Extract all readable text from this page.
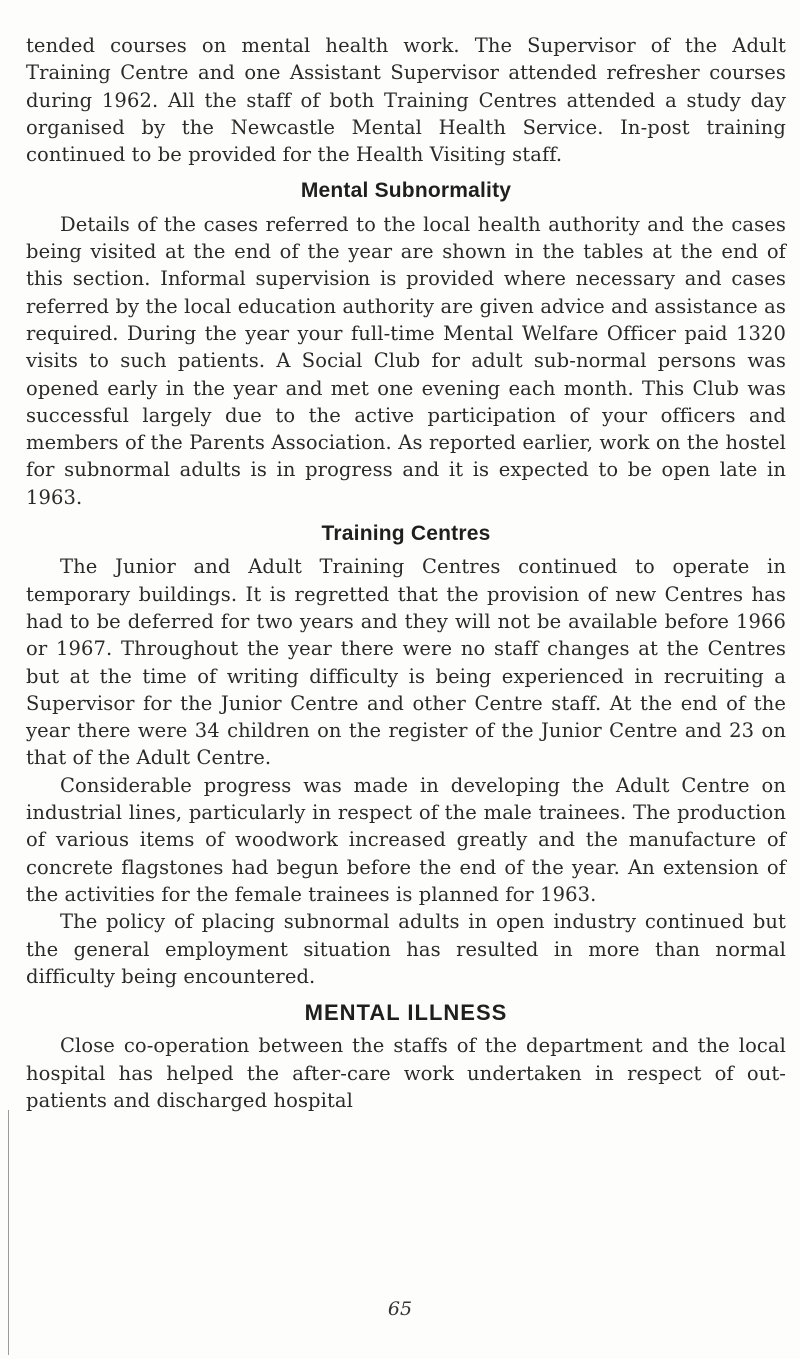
tended courses on mental health work. The Supervisor of the Adult Training Centre and one Assistant Supervisor attended refresher courses during 1962. All the staff of both Training Centres attended a study day organised by the Newcastle Mental Health Service. In-post training continued to be provided for the Health Visiting staff.

Mental Subnormality

Details of the cases referred to the local health authority and the cases being visited at the end of the year are shown in the tables at the end of this section. Informal supervision is provided where necessary and cases referred by the local education authority are given advice and assistance as required. During the year your full-time Mental Welfare Officer paid 1320 visits to such patients. A Social Club for adult sub-normal persons was opened early in the year and met one evening each month. This Club was successful largely due to the active participation of your officers and members of the Parents Association. As reported earlier, work on the hostel for subnormal adults is in progress and it is expected to be open late in 1963.

Training Centres

The Junior and Adult Training Centres continued to operate in temporary buildings. It is regretted that the provision of new Centres has had to be deferred for two years and they will not be available before 1966 or 1967. Throughout the year there were no staff changes at the Centres but at the time of writing difficulty is being experienced in recruiting a Supervisor for the Junior Centre and other Centre staff. At the end of the year there were 34 children on the register of the Junior Centre and 23 on that of the Adult Centre.

Considerable progress was made in developing the Adult Centre on industrial lines, particularly in respect of the male trainees. The production of various items of woodwork increased greatly and the manufacture of concrete flagstones had begun before the end of the year. An extension of the activities for the female trainees is planned for 1963.

The policy of placing subnormal adults in open industry continued but the general employment situation has resulted in more than normal difficulty being encountered.

MENTAL ILLNESS

Close co-operation between the staffs of the department and the local hospital has helped the after-care work undertaken in respect of out-patients and discharged hospital

65
